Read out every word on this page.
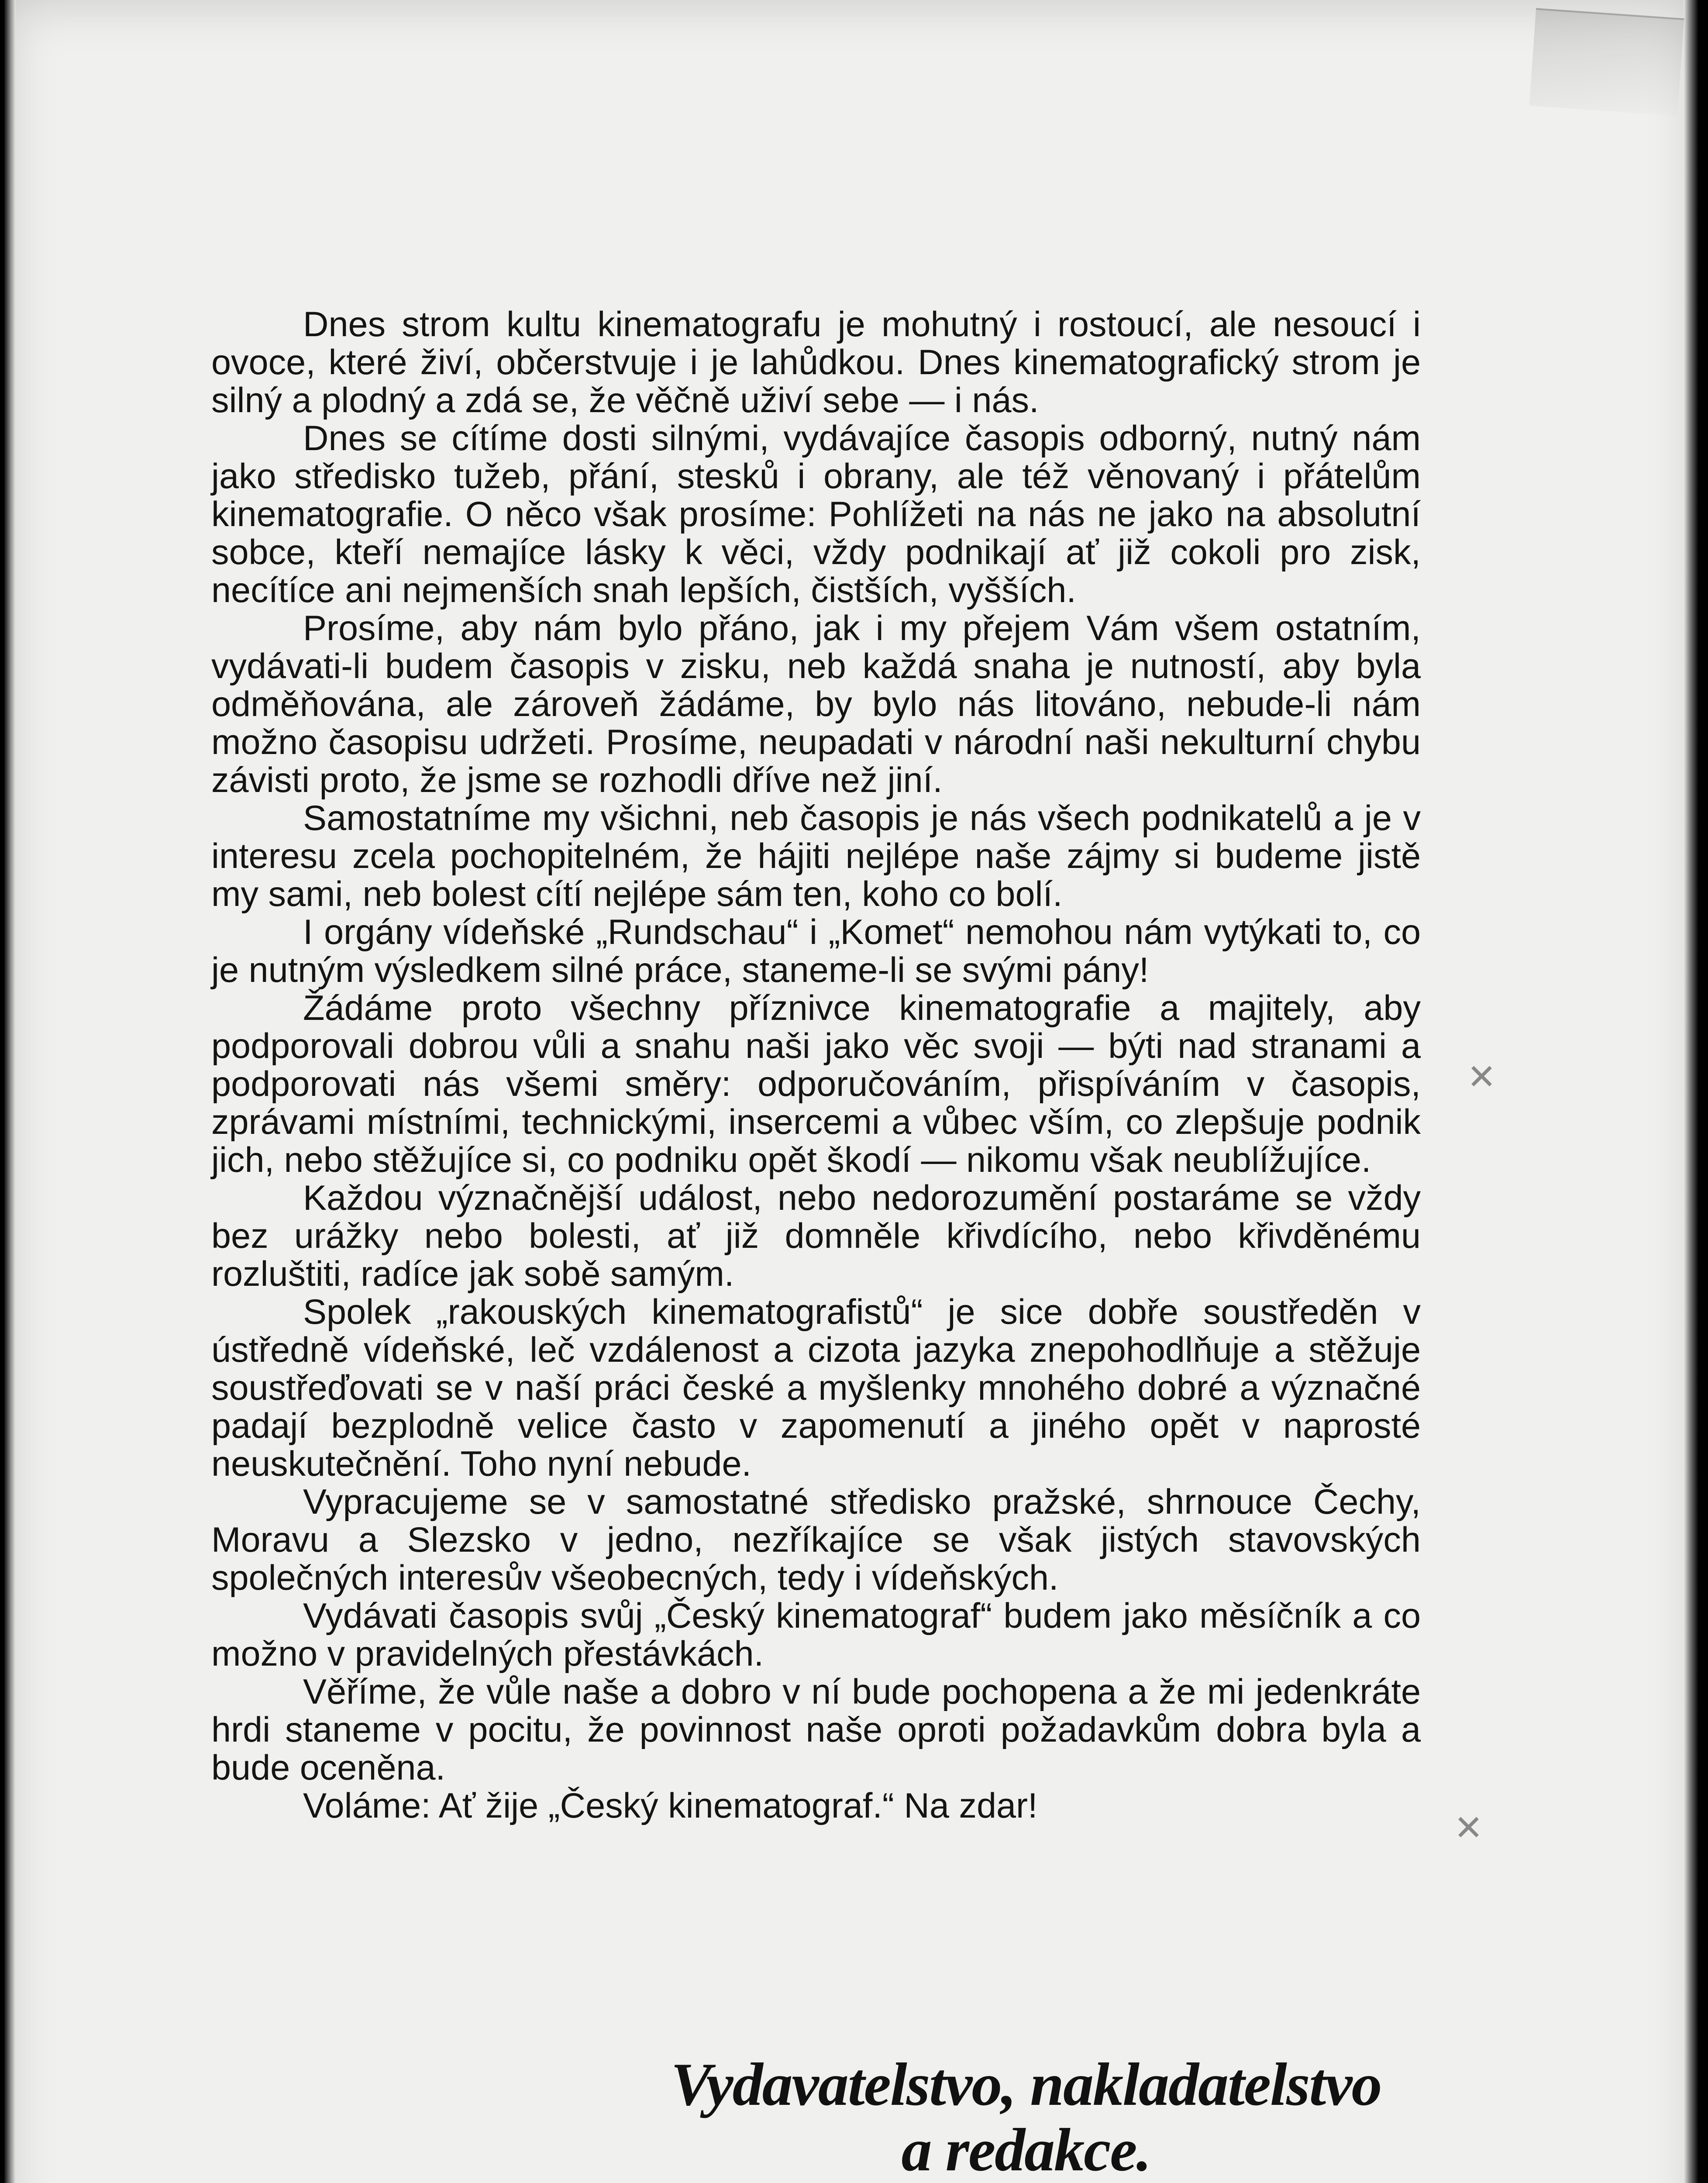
✕
✕

Dnes strom kultu kinematografu je mohutný i rostoucí, ale nesoucí i ovoce, které živí, občerstvuje i je lahůdkou. Dnes kinematografický strom je silný a plodný a zdá se, že věčně uživí sebe — i nás.

Dnes se cítíme dosti silnými, vydávajíce časopis odborný, nutný nám jako středisko tužeb, přání, stesků i obrany, ale též věnovaný i přátelům kinematografie. O něco však prosíme: Pohlížeti na nás ne jako na absolutní sobce, kteří nemajíce lásky k věci, vždy podnikají ať již cokoli pro zisk, necítíce ani nejmenších snah lepších, čistších, vyšších.

Prosíme, aby nám bylo přáno, jak i my přejem Vám všem ostatním, vydávati-li budem časopis v zisku, neb každá snaha je nutností, aby byla odměňována, ale zároveň žádáme, by bylo nás litováno, nebude-li nám možno časopisu udržeti. Prosíme, neupadati v národní naši nekulturní chybu závisti proto, že jsme se rozhodli dříve než jiní.

Samostatníme my všichni, neb časopis je nás všech podnikatelů a je v interesu zcela pochopitelném, že hájiti nejlépe naše zájmy si budeme jistě my sami, neb bolest cítí nejlépe sám ten, koho co bolí.

I orgány vídeňské „Rundschau“ i „Komet“ nemohou nám vytýkati to, co je nutným výsledkem silné práce, staneme-li se svými pány!

Žádáme proto všechny příznivce kinematografie a majitely, aby podporovali dobrou vůli a snahu naši jako věc svoji — býti nad stranami a podporovati nás všemi směry: odporučováním, přispíváním v časopis, zprávami místními, technickými, insercemi a vůbec vším, co zlepšuje podnik jich, nebo stěžujíce si, co podniku opět škodí — nikomu však neublížujíce.

Každou význačnější událost, nebo nedorozumění postaráme se vždy bez urážky nebo bolesti, ať již domněle křivdícího, nebo křivděnému rozluštiti, radíce jak sobě samým.

Spolek „rakouských kinematografistů“ je sice dobře soustředěn v ústředně vídeňské, leč vzdálenost a cizota jazyka znepohodlňuje a stěžuje soustřeďovati se v naší práci české a myšlenky mnohého dobré a význačné padají bezplodně velice často v zapomenutí a jiného opět v naprosté neuskutečnění. Toho nyní nebude.

Vypracujeme se v samostatné středisko pražské, shrnouce Čechy, Moravu a Slezsko v jedno, nezříkajíce se však jistých stavovských společných interesův všeobecných, tedy i vídeňských.

Vydávati časopis svůj „Český kinematograf“ budem jako měsíčník a co možno v pravidelných přestávkách.

Věříme, že vůle naše a dobro v ní bude pochopena a že mi jedenkráte hrdi staneme v pocitu, že povinnost naše oproti požadavkům dobra byla a bude oceněna.

Voláme: Ať žije „Český kinematograf.“ Na zdar!

Vydavatelstvo, nakladatelstvo
a redakce.
